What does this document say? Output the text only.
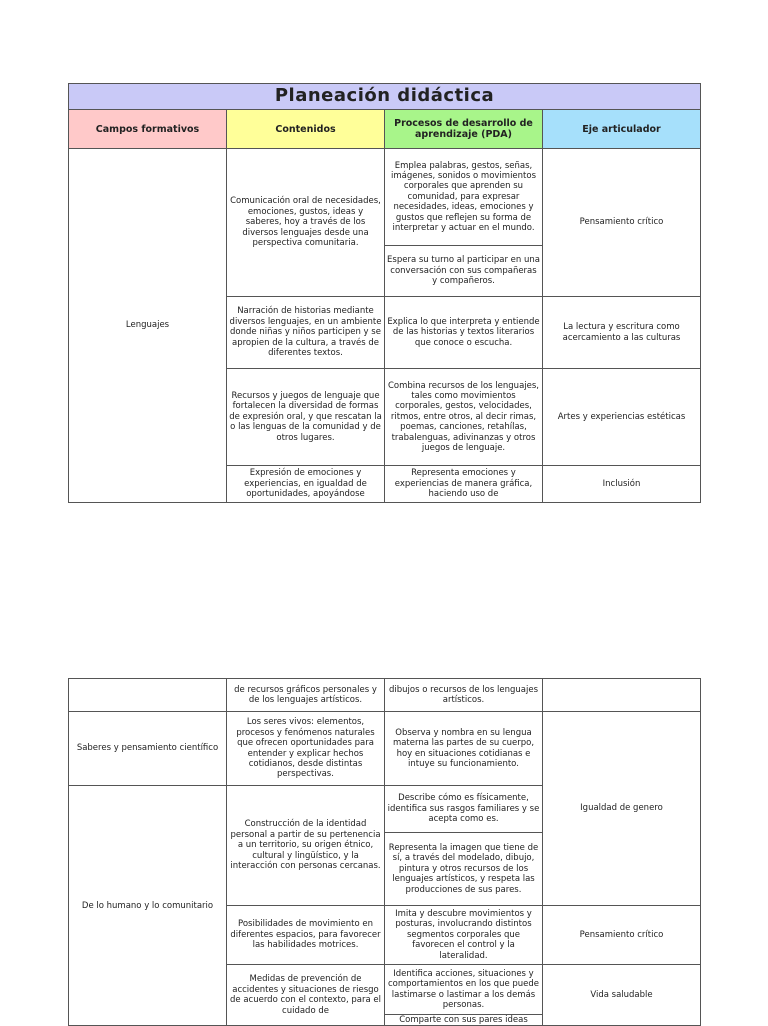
Planeación didáctica			
Campos formativos	Contenidos	Procesos de desarrollo de aprendizaje (PDA)	Eje articulador
Lenguajes	Comunicación oral de necesidades, emociones, gustos, ideas y saberes, hoy a través de los diversos lenguajes desde una perspectiva comunitaria.	Emplea palabras, gestos, señas, imágenes, sonidos o movimientos corporales que aprenden su comunidad, para expresar necesidades, ideas, emociones y gustos que reflejen su forma de interpretar y actuar en el mundo.	Pensamiento crítico
		Espera su turno al participar en una conversación con sus compañeras y compañeros.	
	Narración de historias mediante diversos lenguajes, en un ambiente donde niñas y niños participen y se apropien de la cultura, a través de diferentes textos.	Explica lo que interpreta y entiende de las historias y textos literarios que conoce o escucha.	La lectura y escritura como acercamiento a las culturas
	Recursos y juegos de lenguaje que fortalecen la diversidad de formas de expresión oral, y que rescatan la o las lenguas de la comunidad y de otros lugares.	Combina recursos de los lenguajes, tales como movimientos corporales, gestos, velocidades, ritmos, entre otros, al decir rimas, poemas, canciones, retahílas, trabalenguas, adivinanzas y otros juegos de lenguaje.	Artes y experiencias estéticas
	Expresión de emociones y experiencias, en igualdad de oportunidades, apoyándose	Representa emociones y experiencias de manera gráfica, haciendo uso de	Inclusión
	de recursos gráficos personales y de los lenguajes artísticos.	dibujos o recursos de los lenguajes artísticos.	
Saberes y pensamiento científico	Los seres vivos: elementos, procesos y fenómenos naturales que ofrecen oportunidades para entender y explicar hechos cotidianos, desde distintas perspectivas.	Observa y nombra en su lengua materna las partes de su cuerpo, hoy en situaciones cotidianas e intuye su funcionamiento.	Igualdad de genero
De lo humano y lo comunitario	Construcción de la identidad personal a partir de su pertenencia a un territorio, su origen étnico, cultural y lingüístico, y la interacción con personas cercanas.	Describe cómo es físicamente, identifica sus rasgos familiares y se acepta como es.	
		Representa la imagen que tiene de sí, a través del modelado, dibujo, pintura y otros recursos de los lenguajes artísticos, y respeta las producciones de sus pares.	
	Posibilidades de movimiento en diferentes espacios, para favorecer las habilidades motrices.	Imita y descubre movimientos y posturas, involucrando distintos segmentos corporales que favorecen el control y la lateralidad.	Pensamiento crítico
	Medidas de prevención de accidentes y situaciones de riesgo de acuerdo con el contexto, para el cuidado de	Identifica acciones, situaciones y comportamientos en los que puede lastimarse o lastimar a los demás personas.	Vida saludable
		Comparte con sus pares ideas	
